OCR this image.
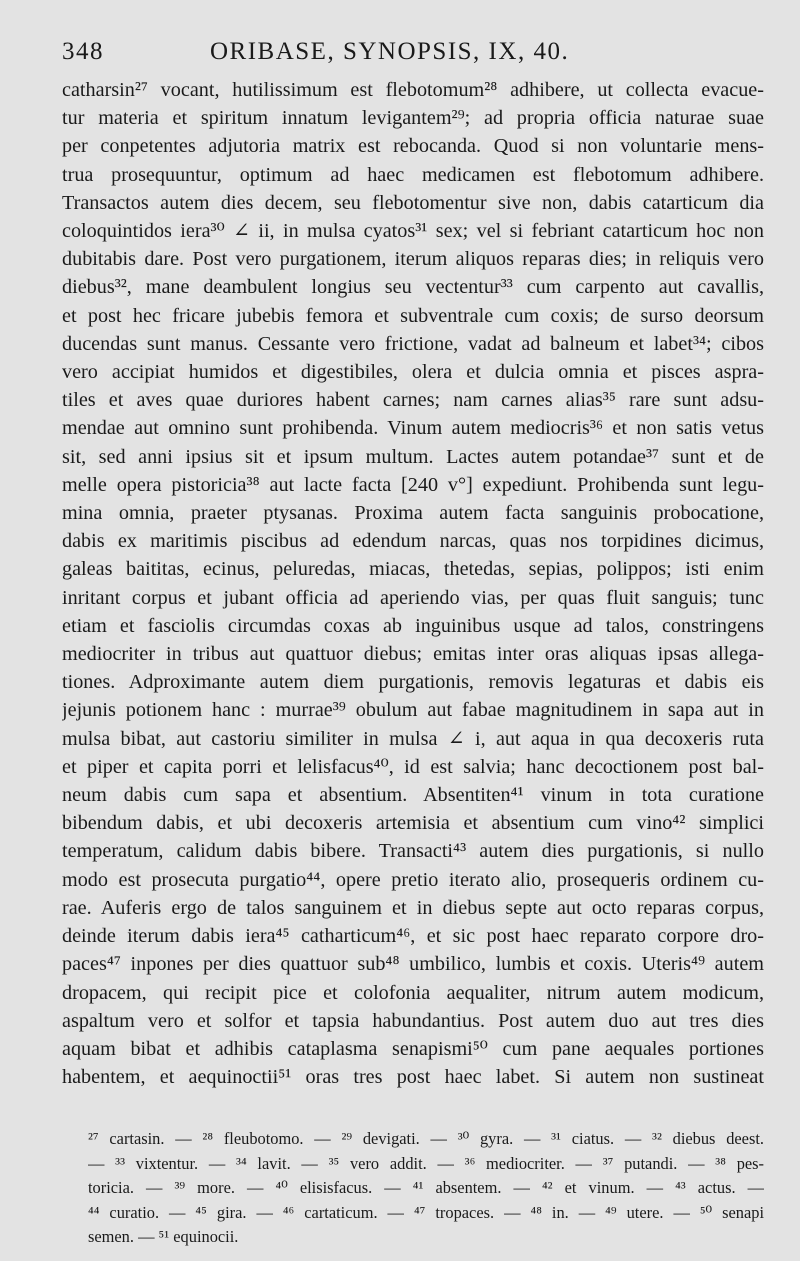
348	ORIBASE, SYNOPSIS, IX, 40.
catharsin²⁷ vocant, hutilissimum est flebotomum²⁸ adhibere, ut collecta evacue-
tur materia et spiritum innatum levigantem²⁹; ad propria officia naturae suae
per conpetentes adjutoria matrix est rebocanda. Quod si non voluntarie mens-
trua prosequuntur, optimum ad haec medicamen est flebotomum adhibere.
Transactos autem dies decem, seu flebotomentur sive non, dabis catarticum dia
coloquintidos iera³⁰ ∠ ii, in mulsa cyatos³¹ sex; vel si febriant catarticum hoc non
dubitabis dare. Post vero purgationem, iterum aliquos reparas dies; in reliquis vero
diebus³², mane deambulent longius seu vectentur³³ cum carpento aut cavallis,
et post hec fricare jubebis femora et subventrale cum coxis; de surso deorsum
ducendas sunt manus. Cessante vero frictione, vadat ad balneum et labet³⁴; cibos
vero accipiat humidos et digestibiles, olera et dulcia omnia et pisces aspra-
tiles et aves quae duriores habent carnes; nam carnes alias³⁵ rare sunt adsu-
mendae aut omnino sunt prohibenda. Vinum autem mediocris³⁶ et non satis vetus
sit, sed anni ipsius sit et ipsum multum. Lactes autem potandae³⁷ sunt et de
melle opera pistoricia³⁸ aut lacte facta [240 v°] expediunt. Prohibenda sunt legu-
mina omnia, praeter ptysanas. Proxima autem facta sanguinis probocatione,
dabis ex maritimis piscibus ad edendum narcas, quas nos torpidines dicimus,
galeas baititas, ecinus, peluredas, miacas, thetedas, sepias, polippos; isti enim
inritant corpus et jubant officia ad aperiendo vias, per quas fluit sanguis; tunc
etiam et fasciolis circumdas coxas ab inguinibus usque ad talos, constringens
mediocriter in tribus aut quattuor diebus; emitas inter oras aliquas ipsas allega-
tiones. Adproximante autem diem purgationis, removis legaturas et dabis eis
jejunis potionem hanc : murrae³⁹ obulum aut fabae magnitudinem in sapa aut in
mulsa bibat, aut castoriu similiter in mulsa ∠ i, aut aqua in qua decoxeris ruta
et piper et capita porri et lelisfacus⁴⁰, id est salvia; hanc decoctionem post bal-
neum dabis cum sapa et absentium. Absentiten⁴¹ vinum in tota curatione
bibendum dabis, et ubi decoxeris artemisia et absentium cum vino⁴² simplici
temperatum, calidum dabis bibere. Transacti⁴³ autem dies purgationis, si nullo
modo est prosecuta purgatio⁴⁴, opere pretio iterato alio, prosequeris ordinem cu-
rae. Auferis ergo de talos sanguinem et in diebus septe aut octo reparas corpus,
deinde iterum dabis iera⁴⁵ catharticum⁴⁶, et sic post haec reparato corpore dro-
paces⁴⁷ inpones per dies quattuor sub⁴⁸ umbilico, lumbis et coxis. Uteris⁴⁹ autem
dropacem, qui recipit pice et colofonia aequaliter, nitrum autem modicum,
aspaltum vero et solfor et tapsia habundantius. Post autem duo aut tres dies
aquam bibat et adhibis cataplasma senapismi⁵⁰ cum pane aequales portiones
habentem, et aequinoctii⁵¹ oras tres post haec labet. Si autem non sustineat
²⁷ cartasin. — ²⁸ fleubotomo. — ²⁹ devigati. — ³⁰ gyra. — ³¹ ciatus. — ³² diebus deest.
— ³³ vixtentur. — ³⁴ lavit. — ³⁵ vero addit. — ³⁶ mediocriter. — ³⁷ putandi. — ³⁸ pes-
toricia. — ³⁹ more. — ⁴⁰ elisisfacus. — ⁴¹ absentem. — ⁴² et vinum. — ⁴³ actus. —
⁴⁴ curatio. — ⁴⁵ gira. — ⁴⁶ cartaticum. — ⁴⁷ tropaces. — ⁴⁸ in. — ⁴⁹ utere. — ⁵⁰ senapi
semen. — ⁵¹ equinocii.
